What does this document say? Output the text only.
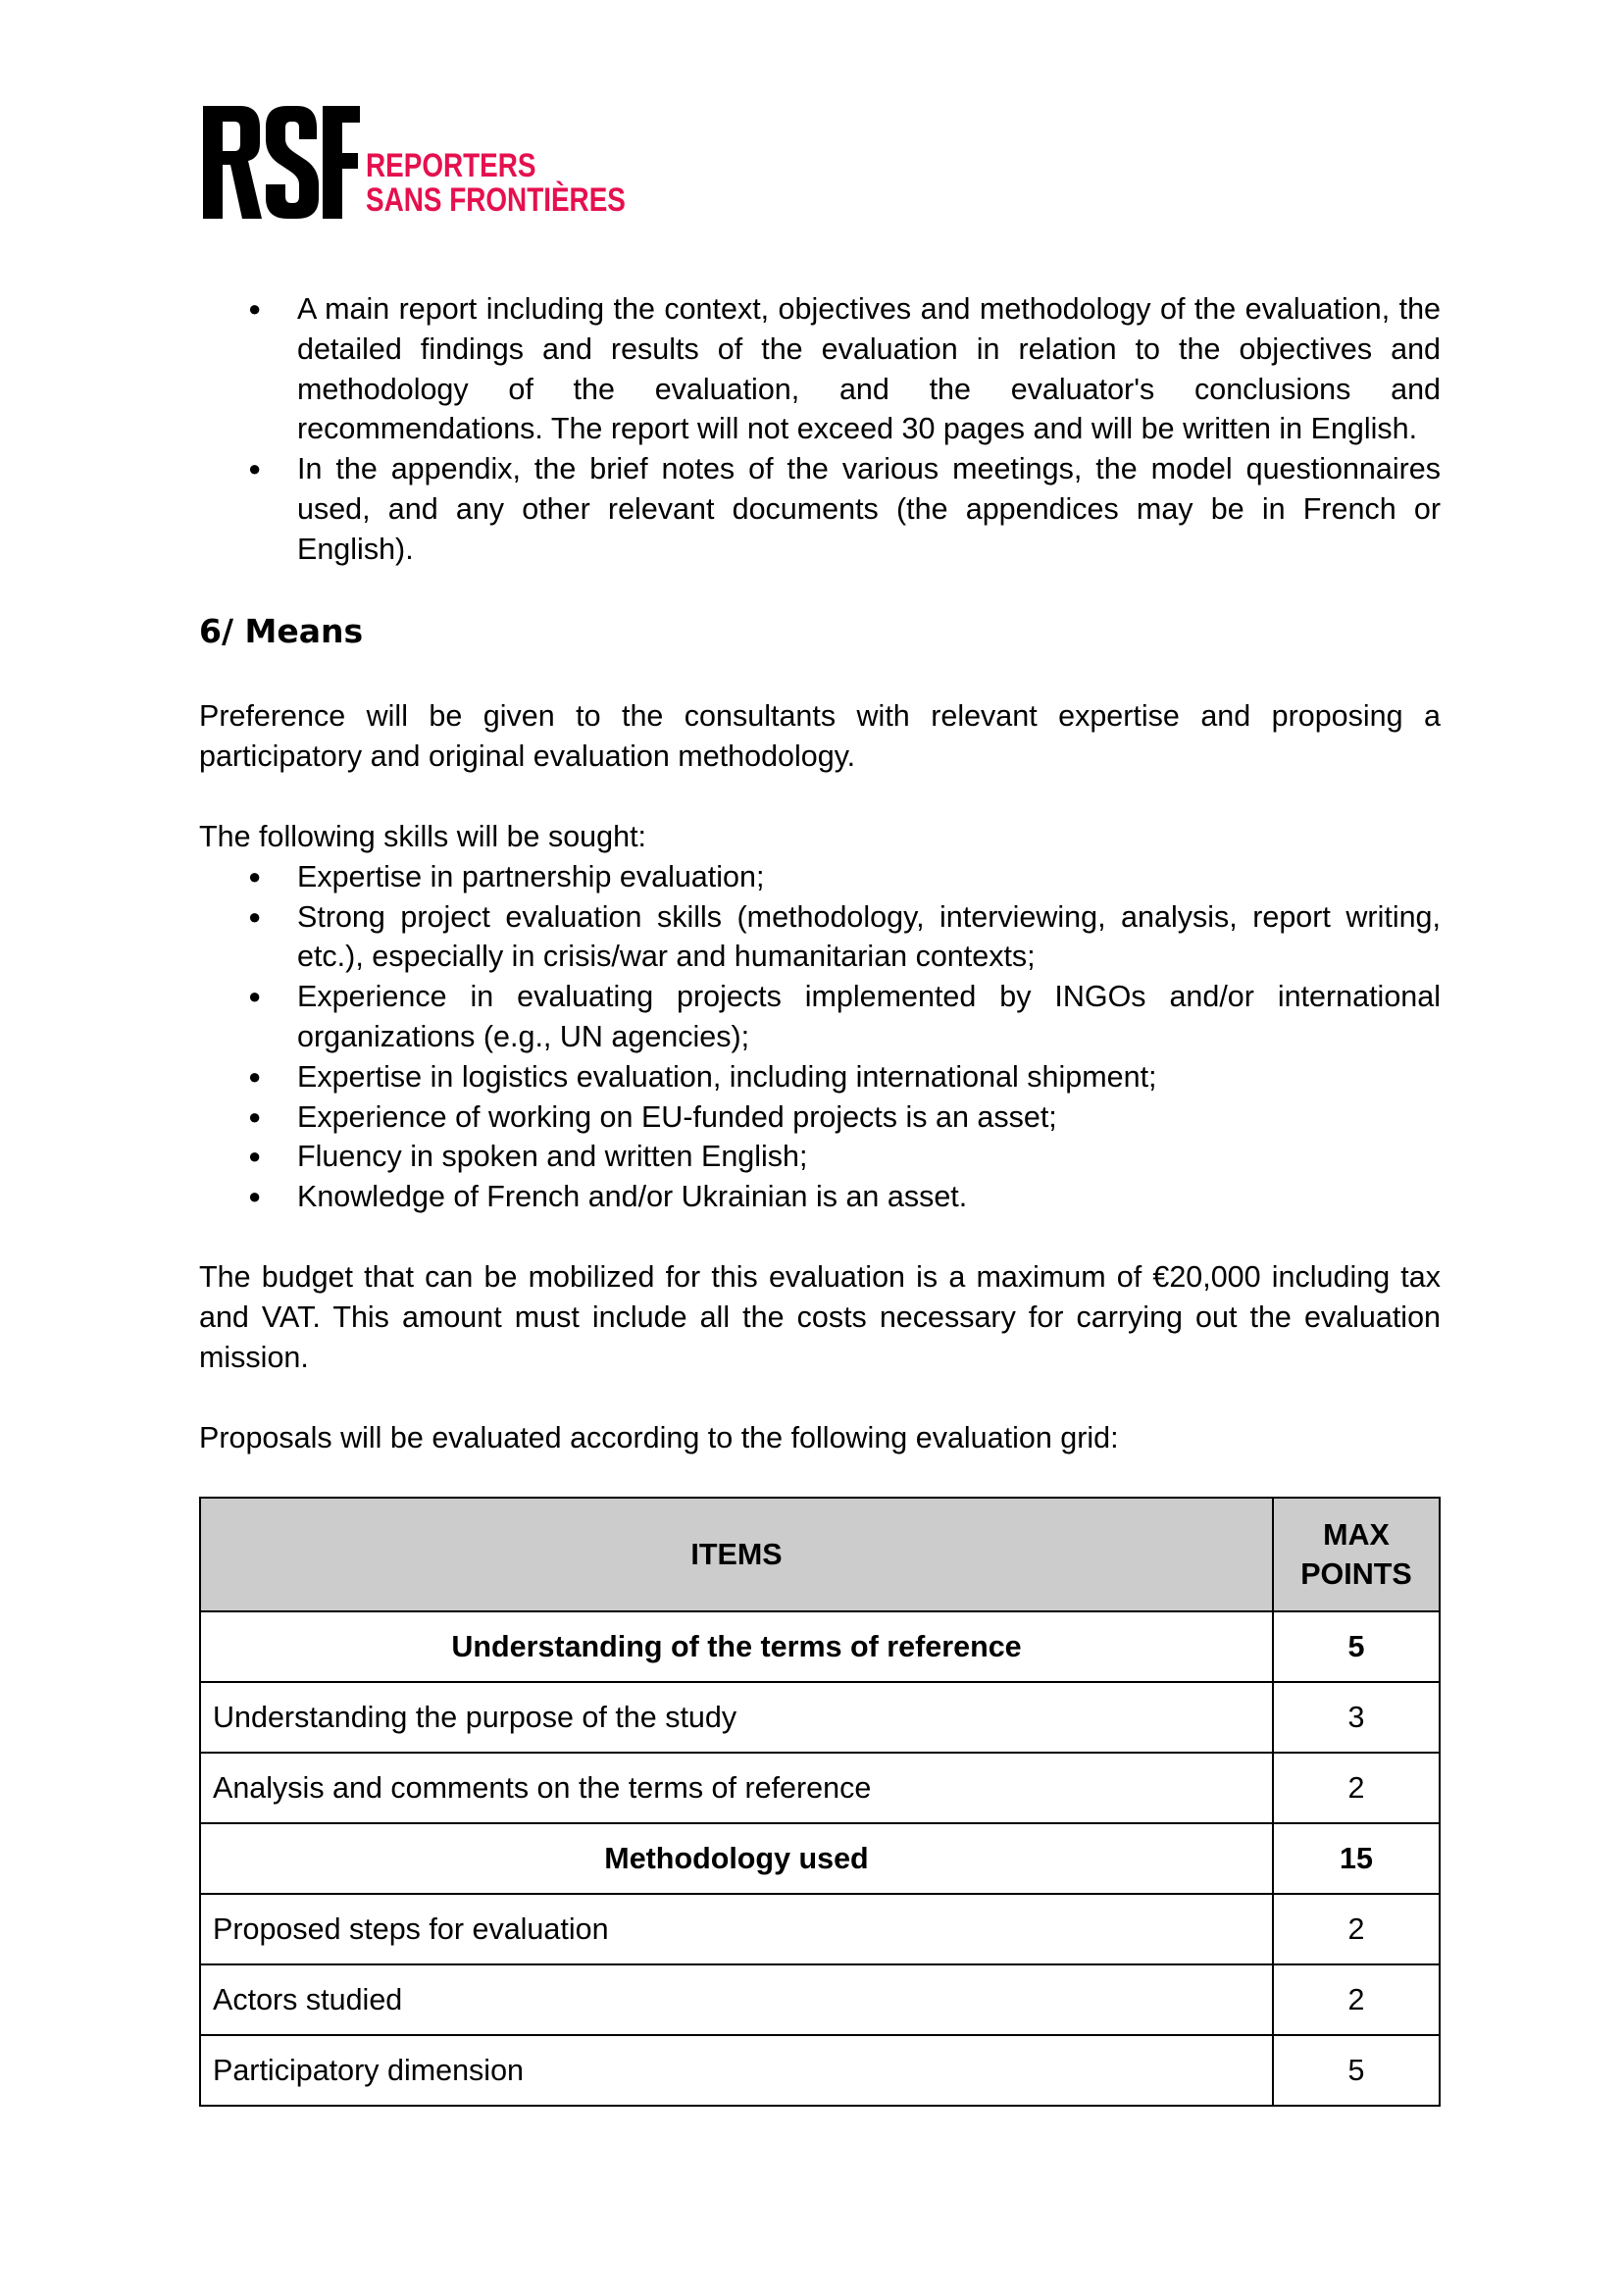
REPORTERS
SANS FRONTIÈRES
● A main report including the context, objectives and methodology of the evaluation, the detailed findings and results of the evaluation in relation to the objectives and methodology of the evaluation, and the evaluator's conclusions and recommendations. The report will not exceed 30 pages and will be written in English.
● In the appendix, the brief notes of the various meetings, the model questionnaires used, and any other relevant documents (the appendices may be in French or English).
6/ Means
Preference will be given to the consultants with relevant expertise and proposing a participatory and original evaluation methodology.
The following skills will be sought:
● Expertise in partnership evaluation;
● Strong project evaluation skills (methodology, interviewing, analysis, report writing, etc.), especially in crisis/war and humanitarian contexts;
● Experience in evaluating projects implemented by INGOs and/or international organizations (e.g., UN agencies);
● Expertise in logistics evaluation, including international shipment;
● Experience of working on EU-funded projects is an asset;
● Fluency in spoken and written English;
● Knowledge of French and/or Ukrainian is an asset.
The budget that can be mobilized for this evaluation is a maximum of €20,000 including tax and VAT. This amount must include all the costs necessary for carrying out the evaluation mission.
Proposals will be evaluated according to the following evaluation grid:
ITEMS	MAX
POINTS
Understanding of the terms of reference	5
Understanding the purpose of the study	3
Analysis and comments on the terms of reference	2
Methodology used	15
Proposed steps for evaluation	2
Actors studied	2
Participatory dimension	5
